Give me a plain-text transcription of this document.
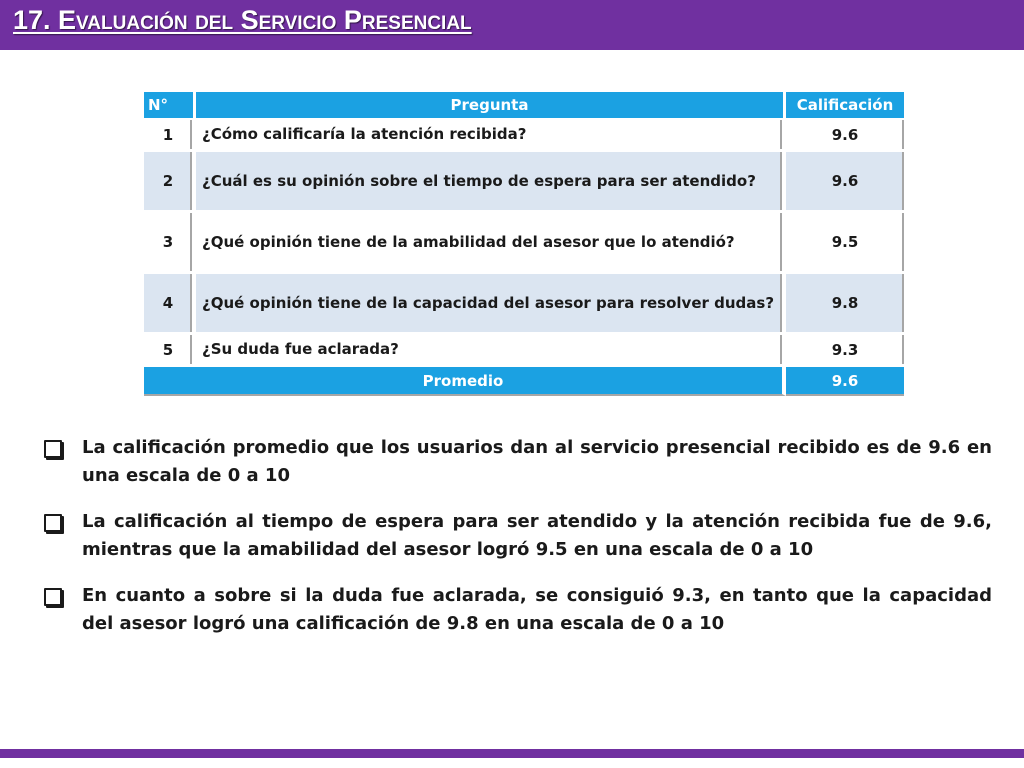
17. Evaluación del Servicio Presencial
N°	Pregunta	Calificación
1	¿Cómo calificaría la atención recibida?	9.6
2	¿Cuál es su opinión sobre el tiempo de espera para ser atendido?	9.6
3	¿Qué opinión tiene de la amabilidad del asesor que lo atendió?	9.5
4	¿Qué opinión tiene de la capacidad del asesor para resolver dudas?	9.8
5	¿Su duda fue aclarada?	9.3
Promedio		9.6
La calificación promedio que los usuarios dan al servicio presencial recibido es de 9.6 en una escala de 0 a 10
La calificación al tiempo de espera para ser atendido y la atención recibida fue de 9.6, mientras que la amabilidad del asesor logró 9.5 en una escala de 0 a 10
En cuanto a sobre si la duda fue aclarada, se consiguió 9.3, en tanto que la capacidad del asesor logró una calificación de 9.8 en una escala de 0 a 10
